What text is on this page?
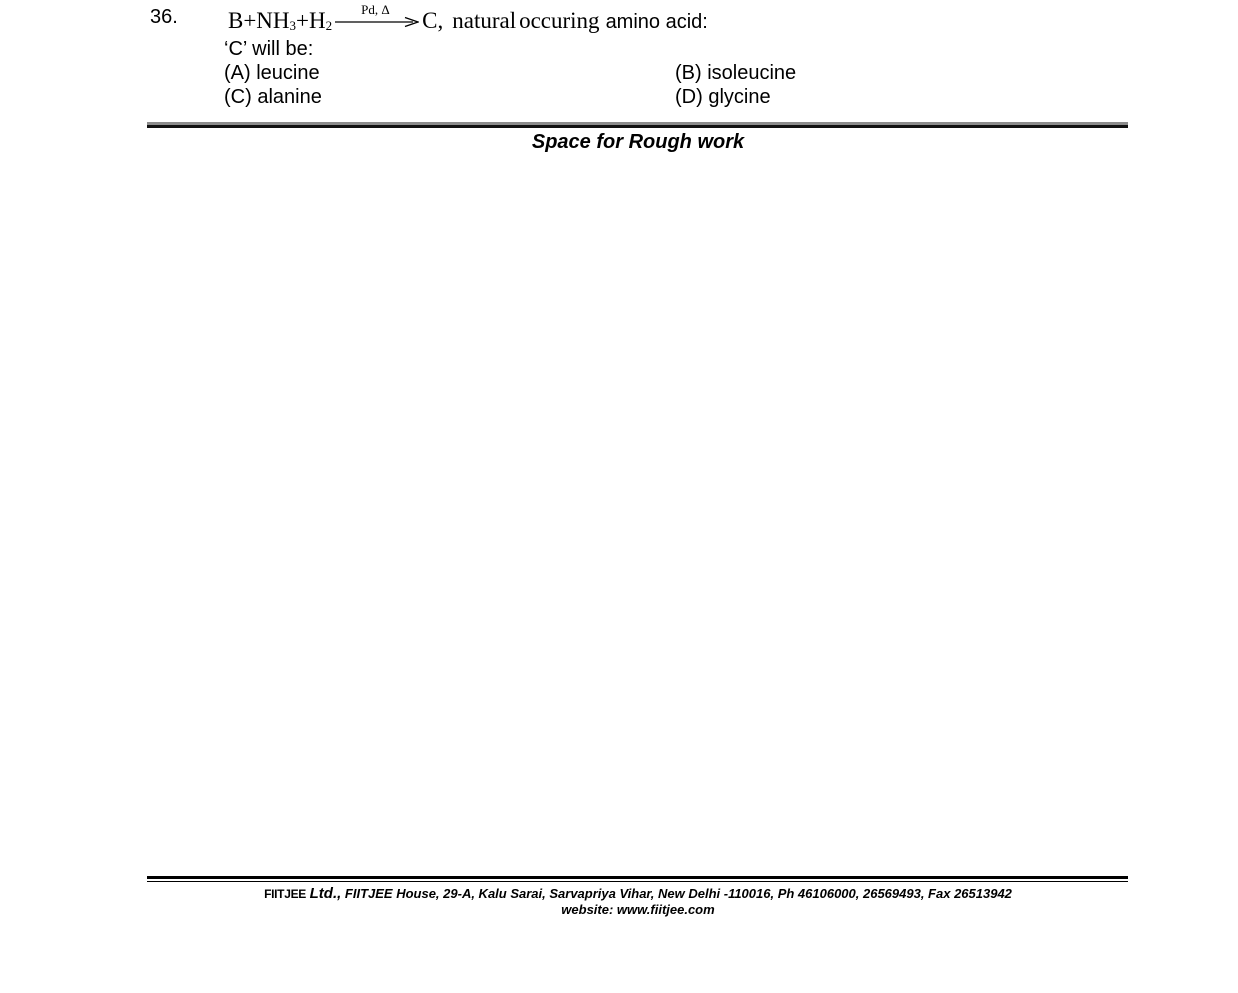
36. $B+NH_3 +H_2$
Pd, Δ C, natural occuring amino acid:
‘C’ will be:
(A) leucine	(B) isoleucine
(C) alanine	(D) glycine
Space for Rough work
FIITJEE Ltd., FIITJEE House, 29-A, Kalu Sarai, Sarvapriya Vihar, New Delhi -110016, Ph 46106000, 26569493, Fax 26513942
website: www.fiitjee.com
